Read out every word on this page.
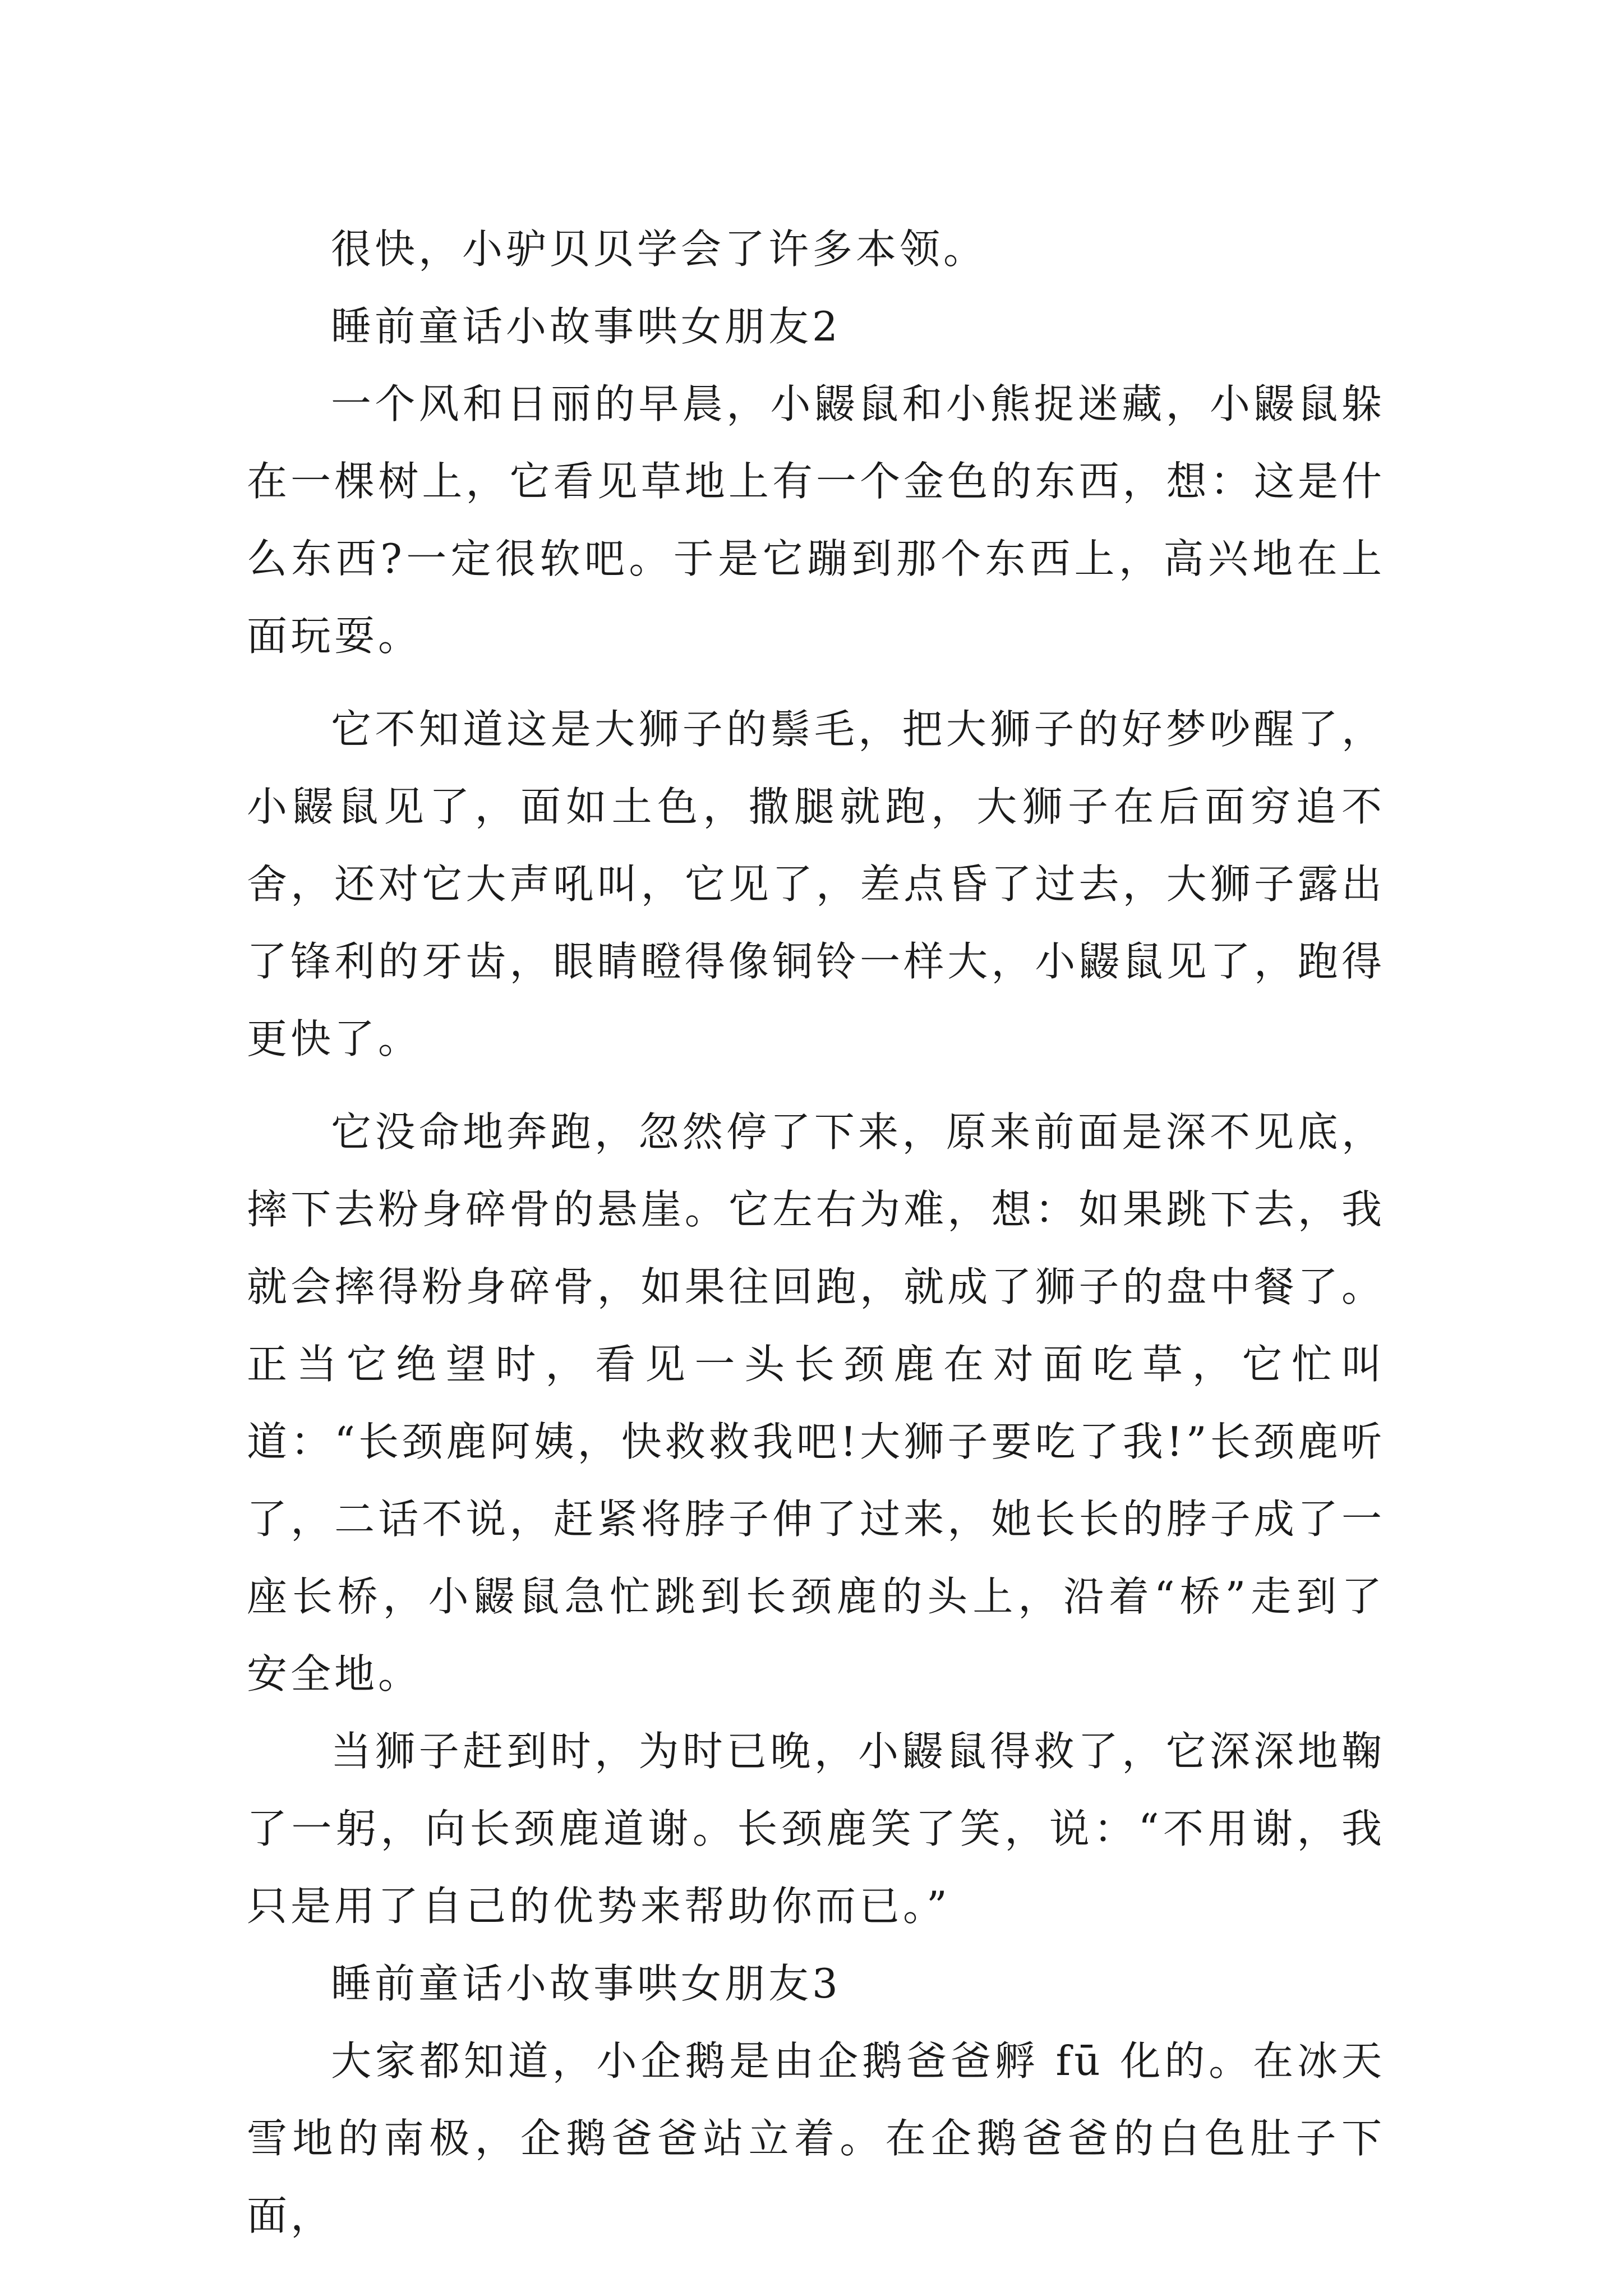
很快，小驴贝贝学会了许多本领。

睡前童话小故事哄女朋友2

一个风和日丽的早晨，小鼹鼠和小熊捉迷藏，小鼹鼠躲在一棵树上，它看见草地上有一个金色的东西，想：这是什么东西?一定很软吧。于是它蹦到那个东西上，高兴地在上面玩耍。

它不知道这是大狮子的鬃毛，把大狮子的好梦吵醒了，小鼹鼠见了，面如土色，撒腿就跑，大狮子在后面穷追不舍，还对它大声吼叫，它见了，差点昏了过去，大狮子露出了锋利的牙齿，眼睛瞪得像铜铃一样大，小鼹鼠见了，跑得更快了。

它没命地奔跑，忽然停了下来，原来前面是深不见底，摔下去粉身碎骨的悬崖。它左右为难，想：如果跳下去，我就会摔得粉身碎骨，如果往回跑，就成了狮子的盘中餐了。正当它绝望时，看见一头长颈鹿在对面吃草，它忙叫道：“长颈鹿阿姨，快救救我吧!大狮子要吃了我!”长颈鹿听了，二话不说，赶紧将脖子伸了过来，她长长的脖子成了一座长桥，小鼹鼠急忙跳到长颈鹿的头上，沿着“桥”走到了安全地。

当狮子赶到时，为时已晚，小鼹鼠得救了，它深深地鞠了一躬，向长颈鹿道谢。长颈鹿笑了笑，说：“不用谢，我只是用了自己的优势来帮助你而已。”

睡前童话小故事哄女朋友3

大家都知道，小企鹅是由企鹅爸爸孵 fū 化的。在冰天雪地的南极，企鹅爸爸站立着。在企鹅爸爸的白色肚子下面，
